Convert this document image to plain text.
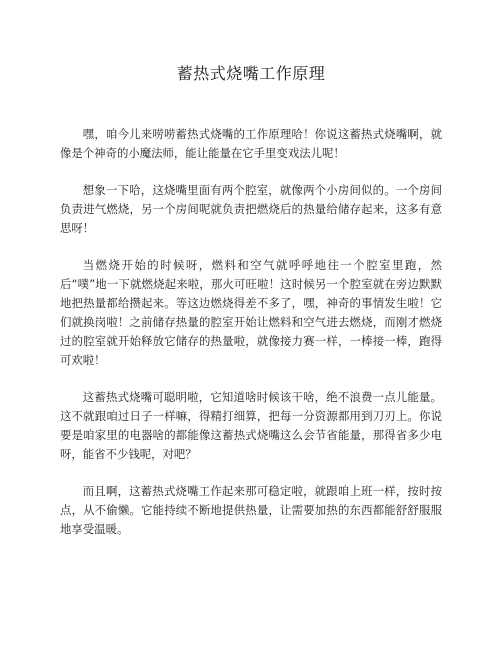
蓄热式烧嘴工作原理

嘿，咱今儿来唠唠蓄热式烧嘴的工作原理哈！你说这蓄热式烧嘴啊，就像是个神奇的小魔法师，能让能量在它手里变戏法儿呢！

想象一下哈，这烧嘴里面有两个腔室，就像两个小房间似的。一个房间负责进气燃烧，另一个房间呢就负责把燃烧后的热量给储存起来，这多有意思呀！

当燃烧开始的时候呀，燃料和空气就呼呼地往一个腔室里跑，然后“噗”地一下就燃烧起来啦，那火可旺啦！这时候另一个腔室就在旁边默默地把热量都给攒起来。等这边燃烧得差不多了，嘿，神奇的事情发生啦！它们就换岗啦！之前储存热量的腔室开始让燃料和空气进去燃烧，而刚才燃烧过的腔室就开始释放它储存的热量啦，就像接力赛一样，一棒接一棒，跑得可欢啦！

这蓄热式烧嘴可聪明啦，它知道啥时候该干啥，绝不浪费一点儿能量。这不就跟咱过日子一样嘛，得精打细算，把每一分资源都用到刀刃上。你说要是咱家里的电器啥的都能像这蓄热式烧嘴这么会节省能量，那得省多少电呀，能省不少钱呢，对吧？

而且啊，这蓄热式烧嘴工作起来那可稳定啦，就跟咱上班一样，按时按点，从不偷懒。它能持续不断地提供热量，让需要加热的东西都能舒舒服服地享受温暖。
